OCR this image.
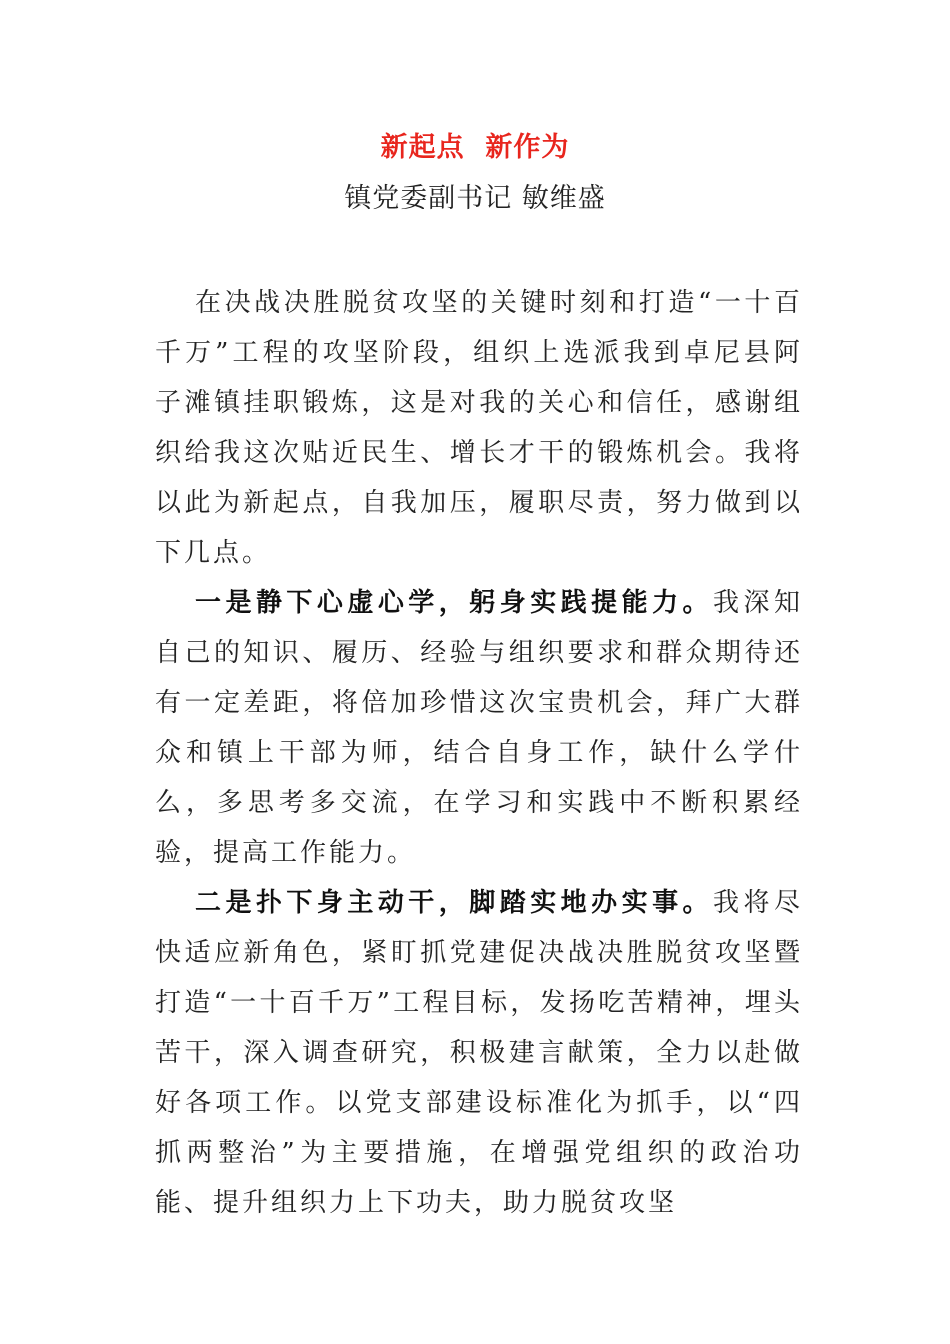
新起点  新作为
镇党委副书记 敏维盛

在决战决胜脱贫攻坚的关键时刻和打造“一十百千万”工程的攻坚阶段，组织上选派我到卓尼县阿子滩镇挂职锻炼，这是对我的关心和信任，感谢组织给我这次贴近民生、增长才干的锻炼机会。我将以此为新起点，自我加压，履职尽责，努力做到以下几点。

一是静下心虚心学，躬身实践提能力。我深知自己的知识、履历、经验与组织要求和群众期待还有一定差距，将倍加珍惜这次宝贵机会，拜广大群众和镇上干部为师，结合自身工作，缺什么学什么，多思考多交流，在学习和实践中不断积累经验，提高工作能力。

二是扑下身主动干，脚踏实地办实事。我将尽快适应新角色，紧盯抓党建促决战决胜脱贫攻坚暨打造“一十百千万”工程目标，发扬吃苦精神，埋头苦干，深入调查研究，积极建言献策，全力以赴做好各项工作。以党支部建设标准化为抓手，以“四抓两整治”为主要措施，在增强党组织的政治功能、提升组织力上下功夫，助力脱贫攻坚
